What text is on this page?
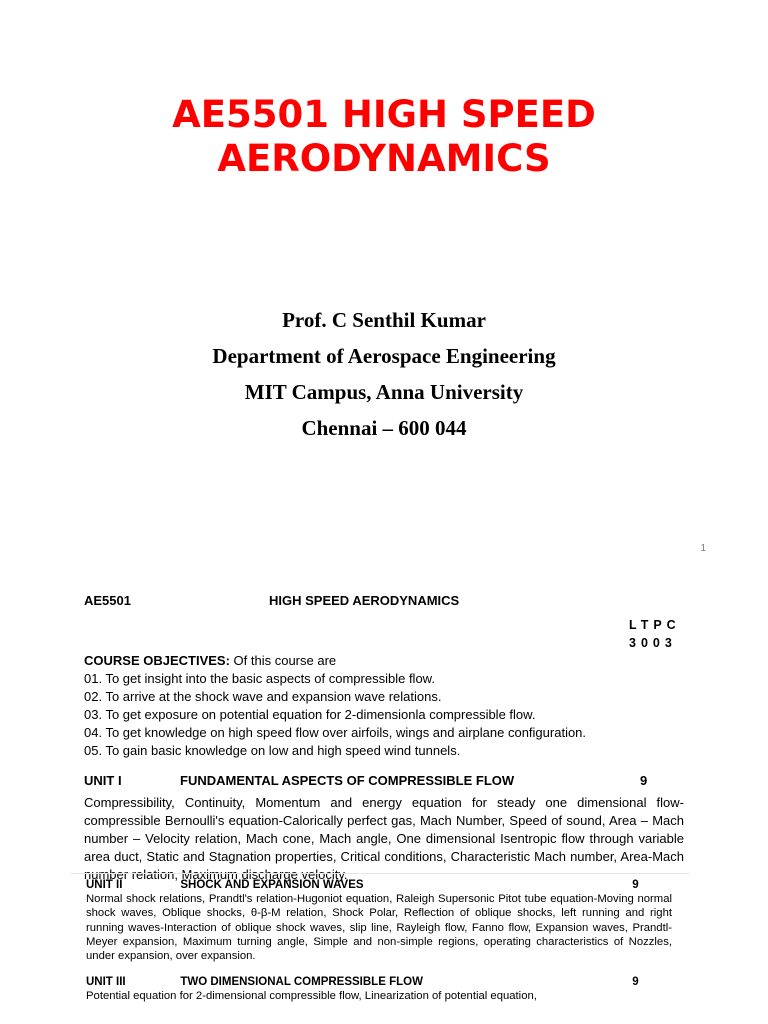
AE5501 HIGH SPEED
AERODYNAMICS
Prof. C Senthil Kumar
Department of Aerospace Engineering
MIT Campus, Anna University
Chennai – 600 044
1
AE5501	HIGH SPEED AERODYNAMICS
LTPC
3003
COURSE OBJECTIVES: Of this course are
01. To get insight into the basic aspects of compressible flow.
02. To arrive at the shock wave and expansion wave relations.
03. To get exposure on potential equation for 2-dimensionla compressible flow.
04. To get knowledge on high speed flow over airfoils, wings and airplane configuration.
05. To gain basic knowledge on low and high speed wind tunnels.
UNIT I	FUNDAMENTAL ASPECTS OF COMPRESSIBLE FLOW	9
Compressibility, Continuity, Momentum and energy equation for steady one dimensional flow-compressible Bernoulli's equation-Calorically perfect gas, Mach Number, Speed of sound, Area – Mach number – Velocity relation, Mach cone, Mach angle, One dimensional Isentropic flow through variable area duct, Static and Stagnation properties, Critical conditions, Characteristic Mach number, Area-Mach number relation, Maximum discharge velocity.
UNIT II	SHOCK AND EXPANSION WAVES	9
Normal shock relations, Prandtl's relation-Hugoniot equation, Raleigh Supersonic Pitot tube equation-Moving normal shock waves, Oblique shocks, θ-β-M relation, Shock Polar, Reflection of oblique shocks, left running and right running waves-Interaction of oblique shock waves, slip line, Rayleigh flow, Fanno flow, Expansion waves, Prandtl-Meyer expansion, Maximum turning angle, Simple and non-simple regions, operating characteristics of Nozzles, under expansion, over expansion.
UNIT III	TWO DIMENSIONAL COMPRESSIBLE FLOW	9
Potential equation for 2-dimensional compressible flow, Linearization of potential equation,
